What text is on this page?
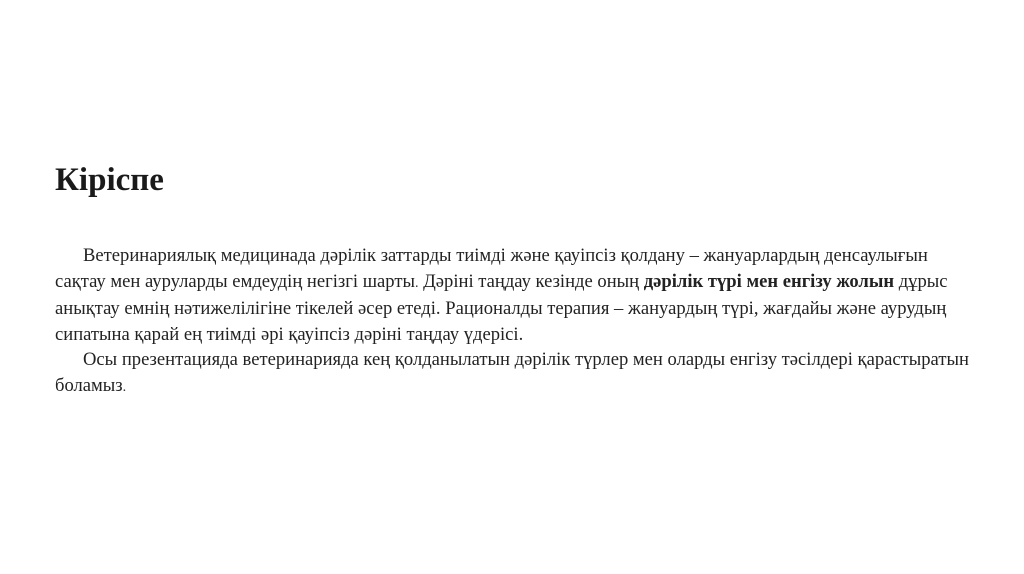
Кіріспе

Ветеринариялық медицинада дәрілік заттарды тиімді және қауіпсіз қолдану – жануарлардың денсаулығын сақтау мен ауруларды емдеудің негізгі шарты. Дәріні таңдау кезінде оның дәрілік түрі мен енгізу жолын дұрыс анықтау емнің нәтижелілігіне тікелей әсер етеді. Рационалды терапия – жануардың түрі, жағдайы және аурудың сипатына қарай ең тиімді әрі қауіпсіз дәріні таңдау үдерісі.

Осы презентацияда ветеринарияда кең қолданылатын дәрілік түрлер мен оларды енгізу тәсілдері қарастыратын боламыз.
